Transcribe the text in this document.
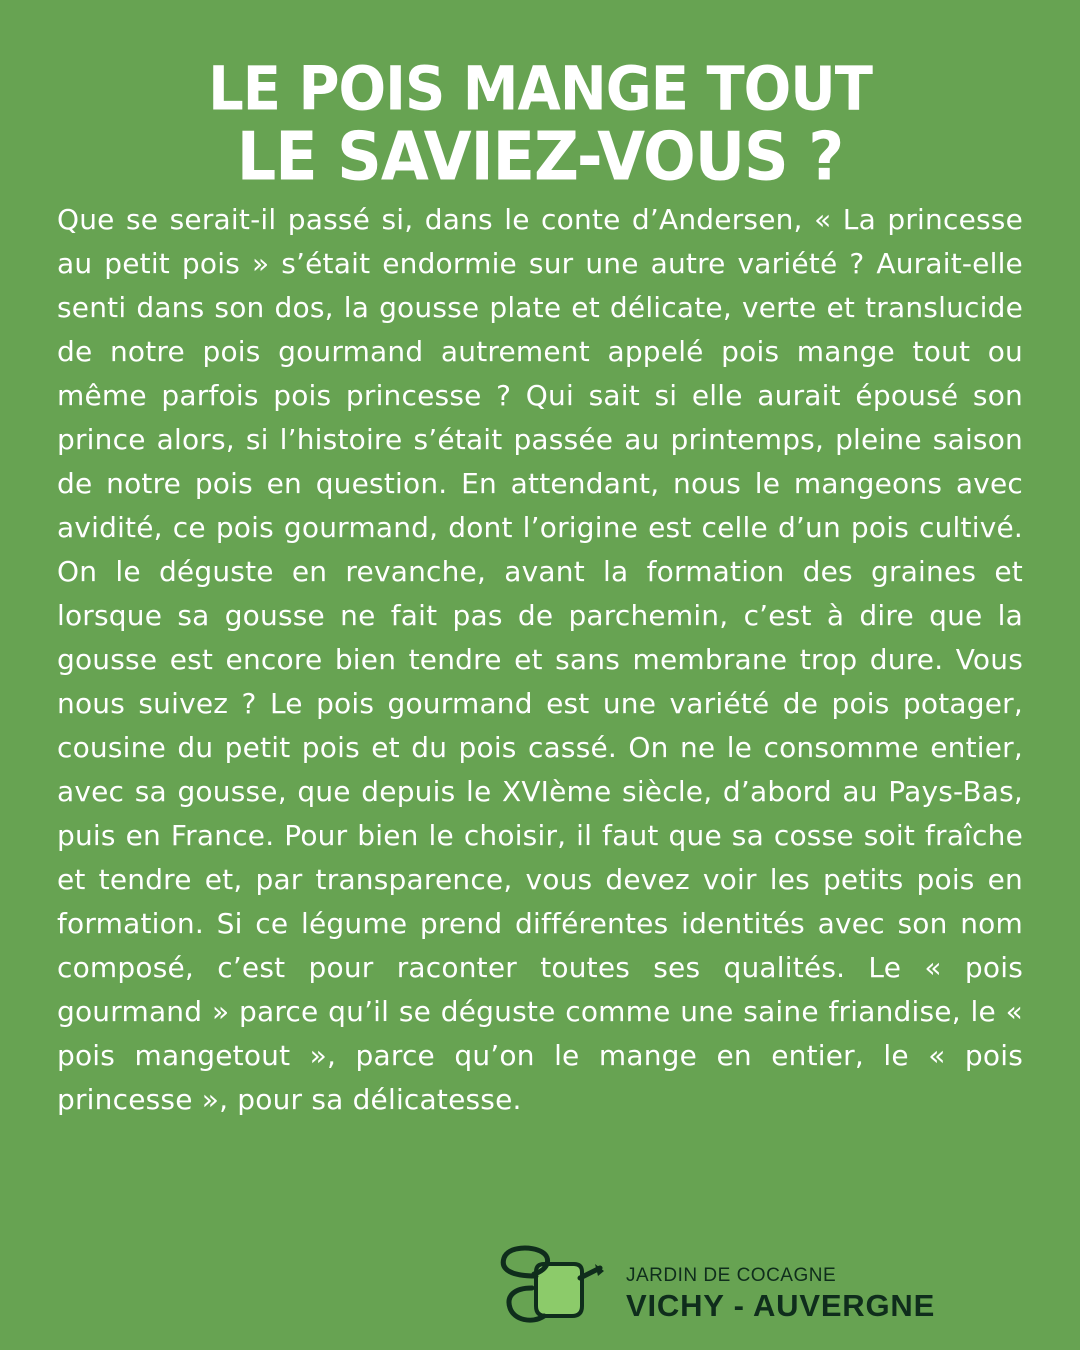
LE POIS MANGE TOUT
LE SAVIEZ-VOUS ?
Que se serait-il passé si, dans le conte d’Andersen, « La princesse au petit pois » s’était endormie sur une autre variété ? Aurait-elle senti dans son dos, la gousse plate et délicate, verte et translucide de notre pois gourmand autrement appelé pois mange tout ou même parfois pois princesse ? Qui sait si elle aurait épousé son prince alors, si l’histoire s’était passée au printemps, pleine saison de notre pois en question. En attendant, nous le mangeons avec avidité, ce pois gourmand, dont l’origine est celle d’un pois cultivé. On le déguste en revanche, avant la formation des graines et lorsque sa gousse ne fait pas de parchemin, c’est à dire que la gousse est encore bien tendre et sans membrane trop dure. Vous nous suivez ? Le pois gourmand est une variété de pois potager, cousine du petit pois et du pois cassé. On ne le consomme entier, avec sa gousse, que depuis le XVIème siècle, d’abord au Pays-Bas, puis en France. Pour bien le choisir, il faut que sa cosse soit fraîche et tendre et, par transparence, vous devez voir les petits pois en formation. Si ce légume prend différentes identités avec son nom composé, c’est pour raconter toutes ses qualités. Le « pois gourmand » parce qu’il se déguste comme une saine friandise, le « pois mangetout », parce qu’on le mange en entier, le « pois princesse », pour sa délicatesse.
JARDIN DE COCAGNE
VICHY - AUVERGNE
